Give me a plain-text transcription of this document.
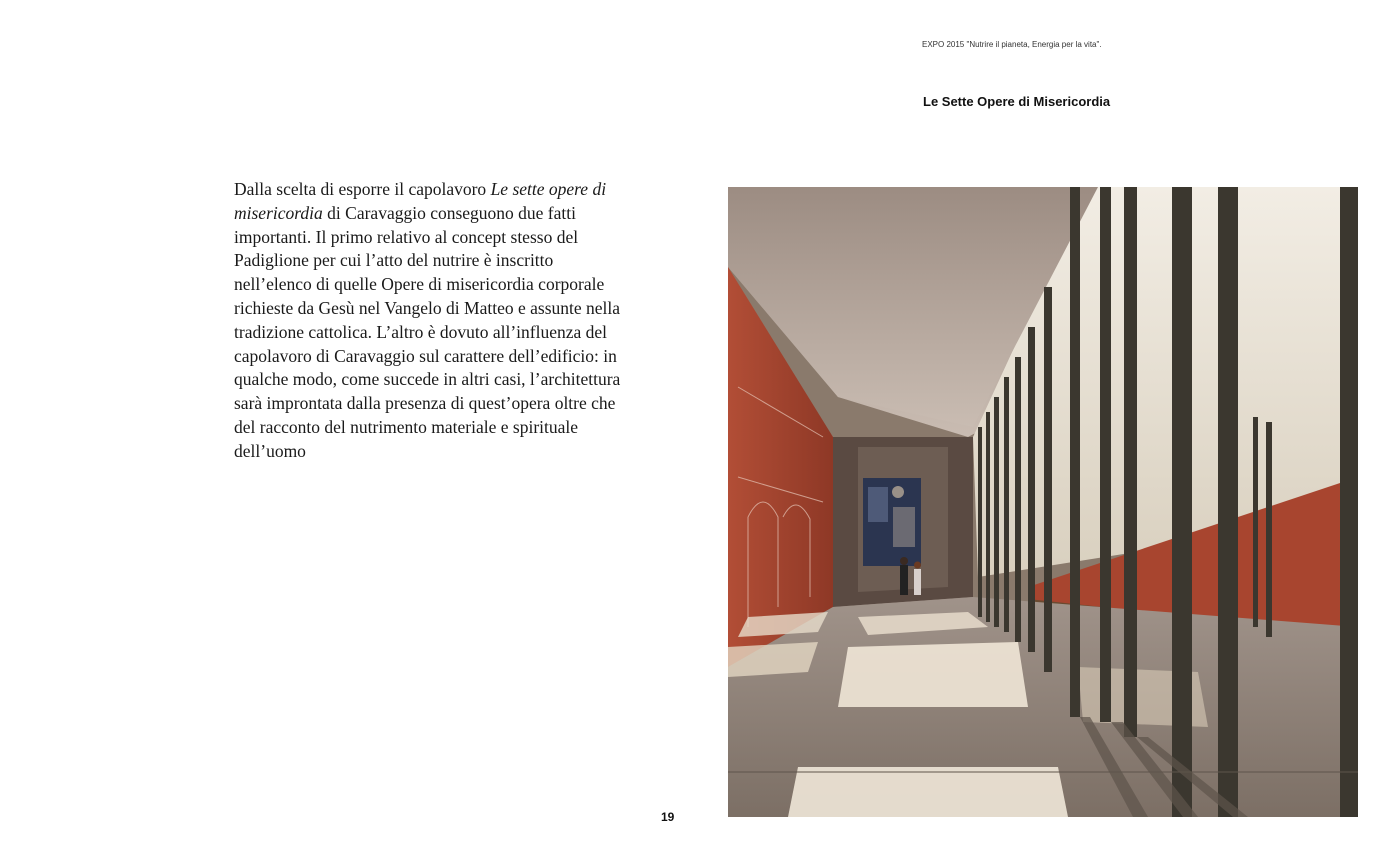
EXPO 2015 "Nutrire il pianeta, Energia per la vita".
Le Sette Opere di Misericordia
Dalla scelta di esporre il capolavoro Le sette opere di
misericordia di Caravaggio conseguono due fatti
importanti. Il primo relativo al concept stesso del
Padiglione per cui l’atto del nutrire è inscritto
nell’elenco di quelle Opere di misericordia corporale
richieste da Gesù nel Vangelo di Matteo e assunte nella
tradizione cattolica. L’altro è dovuto all’influenza del
capolavoro di Caravaggio sul carattere dell’edificio: in
qualche modo, come succede in altri casi, l’architettura
sarà improntata dalla presenza di quest’opera oltre che
del racconto del nutrimento materiale e spirituale
dell’uomo
19
